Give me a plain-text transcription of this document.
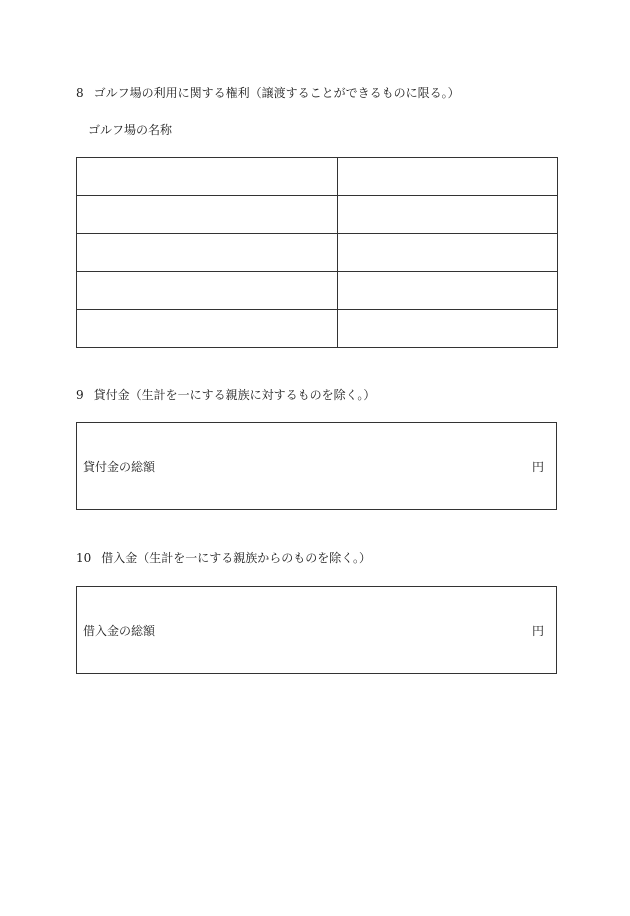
8 ゴルフ場の利用に関する権利（譲渡することができるものに限る。）
ゴルフ場の名称

9 貸付金（生計を一にする親族に対するものを除く。）
貸付金の総額	円
10 借入金（生計を一にする親族からのものを除く。）
借入金の総額	円
